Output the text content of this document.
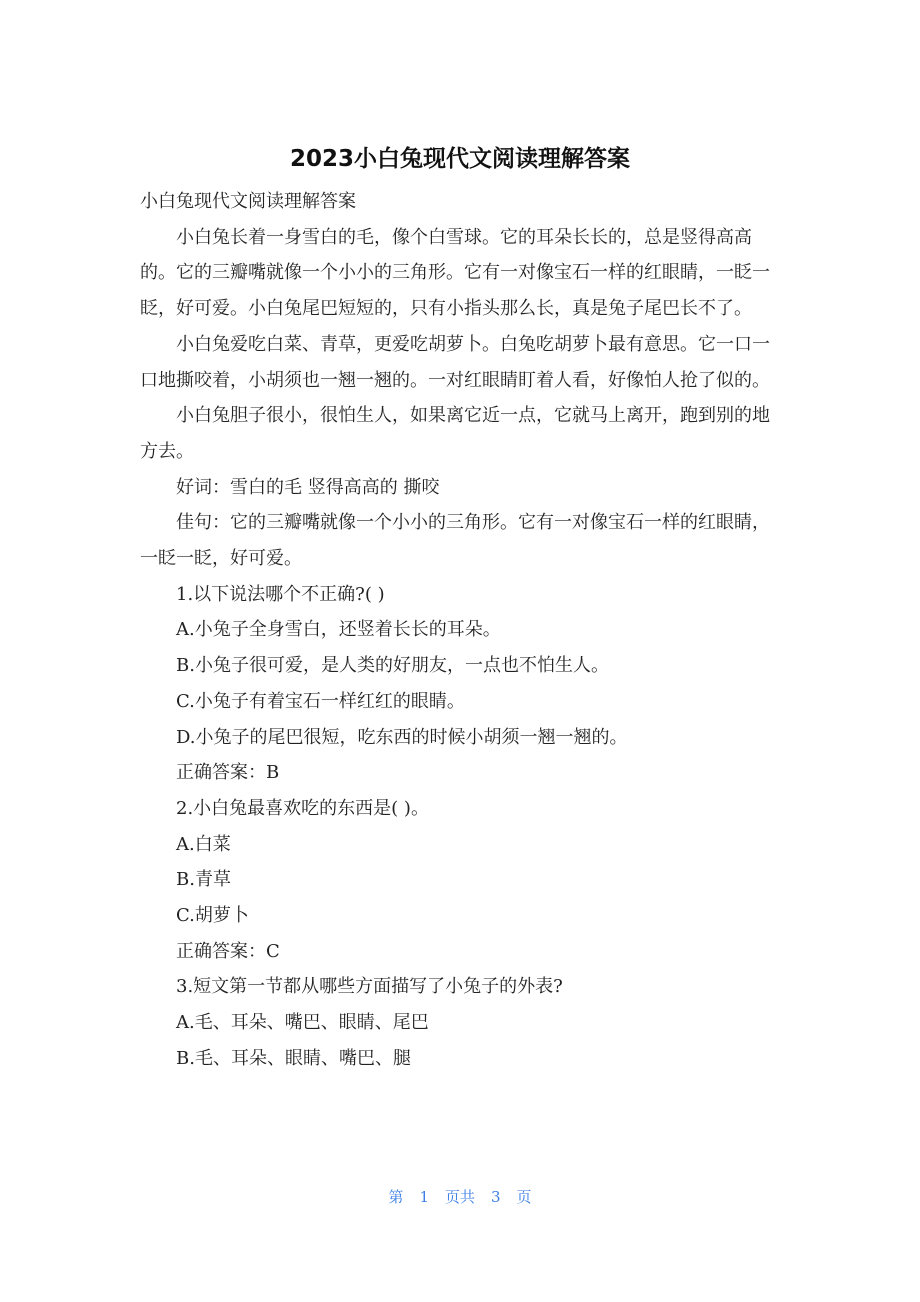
2023小白兔现代文阅读理解答案

小白兔现代文阅读理解答案

小白兔长着一身雪白的毛，像个白雪球。它的耳朵长长的，总是竖得高高的。它的三瓣嘴就像一个小小的三角形。它有一对像宝石一样的红眼睛，一眨一眨，好可爱。小白兔尾巴短短的，只有小指头那么长，真是兔子尾巴长不了。

小白兔爱吃白菜、青草，更爱吃胡萝卜。白兔吃胡萝卜最有意思。它一口一口地撕咬着，小胡须也一翘一翘的。一对红眼睛盯着人看，好像怕人抢了似的。

小白兔胆子很小，很怕生人，如果离它近一点，它就马上离开，跑到别的地方去。

好词：雪白的毛 竖得高高的 撕咬

佳句：它的三瓣嘴就像一个小小的三角形。它有一对像宝石一样的红眼睛，一眨一眨，好可爱。

1.以下说法哪个不正确?( )

A.小兔子全身雪白，还竖着长长的耳朵。

B.小兔子很可爱，是人类的好朋友，一点也不怕生人。

C.小兔子有着宝石一样红红的眼睛。

D.小兔子的尾巴很短，吃东西的时候小胡须一翘一翘的。

正确答案：B

2.小白兔最喜欢吃的东西是( )。

A.白菜

B.青草

C.胡萝卜

正确答案：C

3.短文第一节都从哪些方面描写了小兔子的外表?

A.毛、耳朵、嘴巴、眼睛、尾巴

B.毛、耳朵、眼睛、嘴巴、腿

第 1 页共 3 页
